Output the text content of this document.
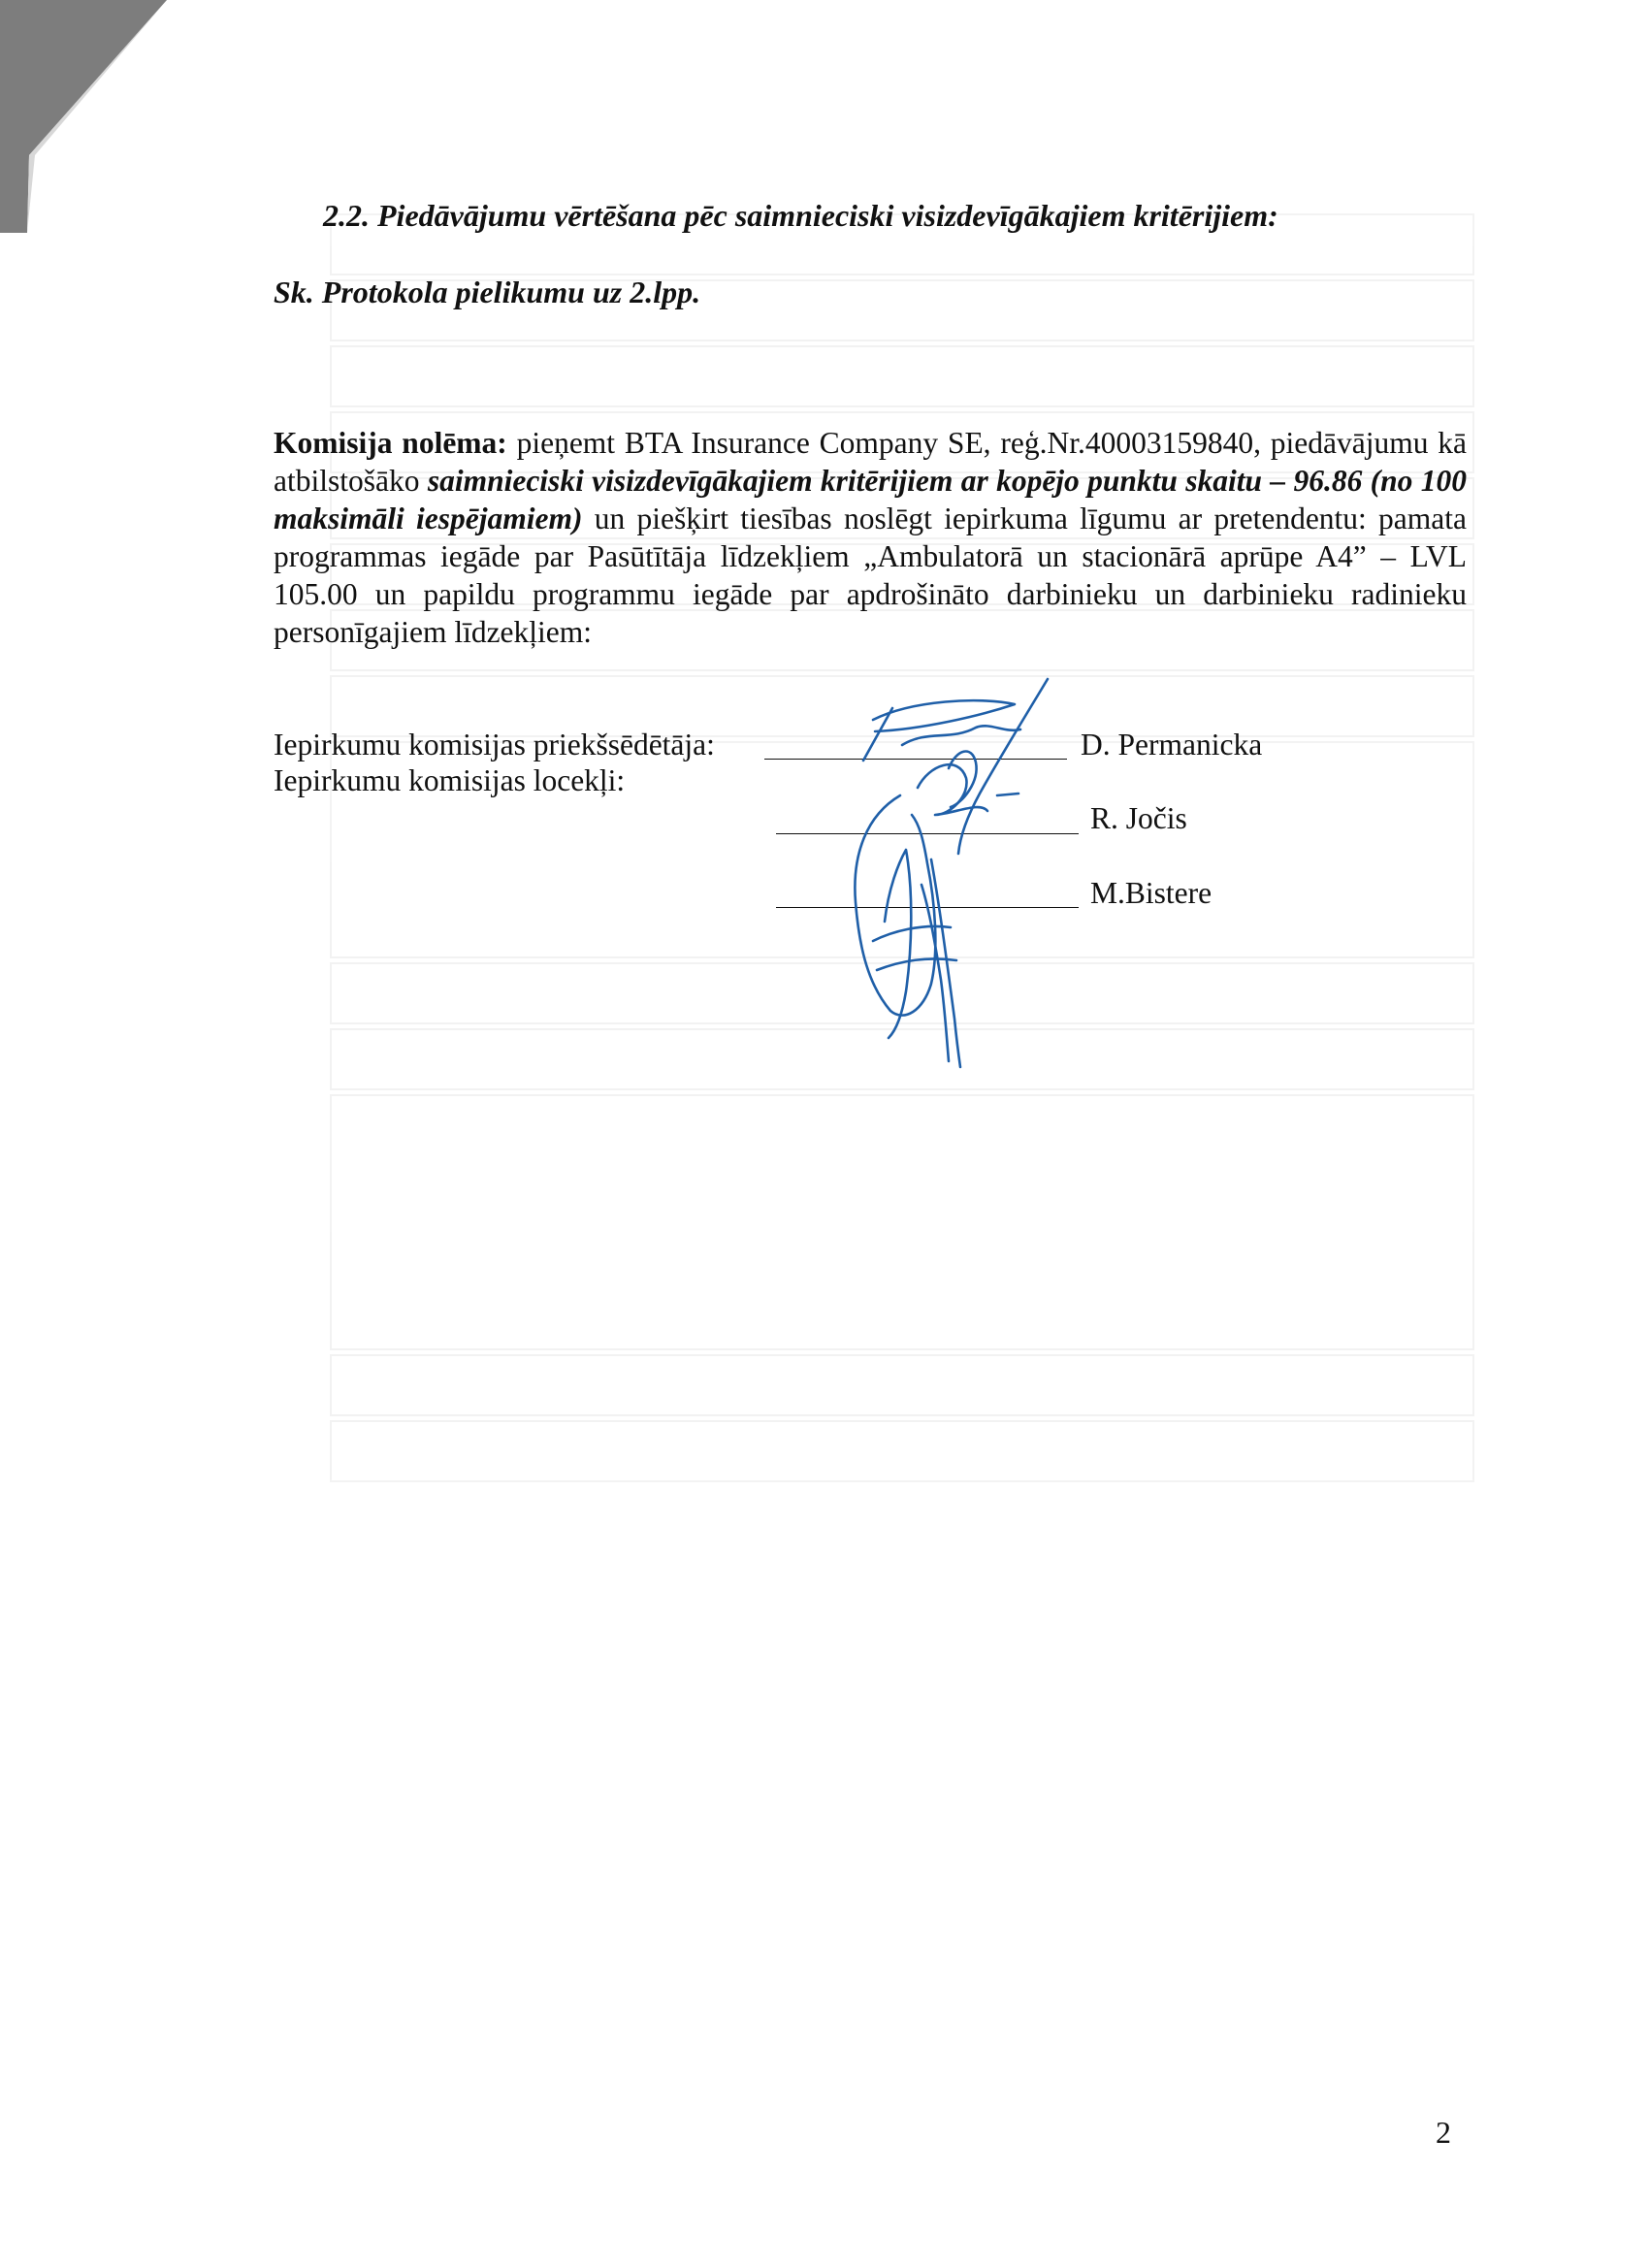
2.2. Piedāvājumu vērtēšana pēc saimnieciski visizdevīgākajiem kritērijiem:
Sk. Protokola pielikumu uz 2.lpp.
Komisija nolēma: pieņemt BTA Insurance Company SE, reģ.Nr.40003159840, piedāvājumu kā atbilstošāko saimnieciski visizdevīgākajiem kritērijiem ar kopējo punktu skaitu – 96.86 (no 100 maksimāli iespējamiem) un piešķirt tiesības noslēgt iepirkuma līgumu ar pretendentu: pamata programmas iegāde par Pasūtītāja līdzekļiem „Ambulatorā un stacionārā aprūpe A4” – LVL 105.00 un papildu programmu iegāde par apdrošināto darbinieku un darbinieku radinieku personīgajiem līdzekļiem:
Iepirkumu komisijas priekšsēdētāja:	D. Permanicka
Iepirkumu komisijas locekļi:
R. Jočis
M.Bistere
2
